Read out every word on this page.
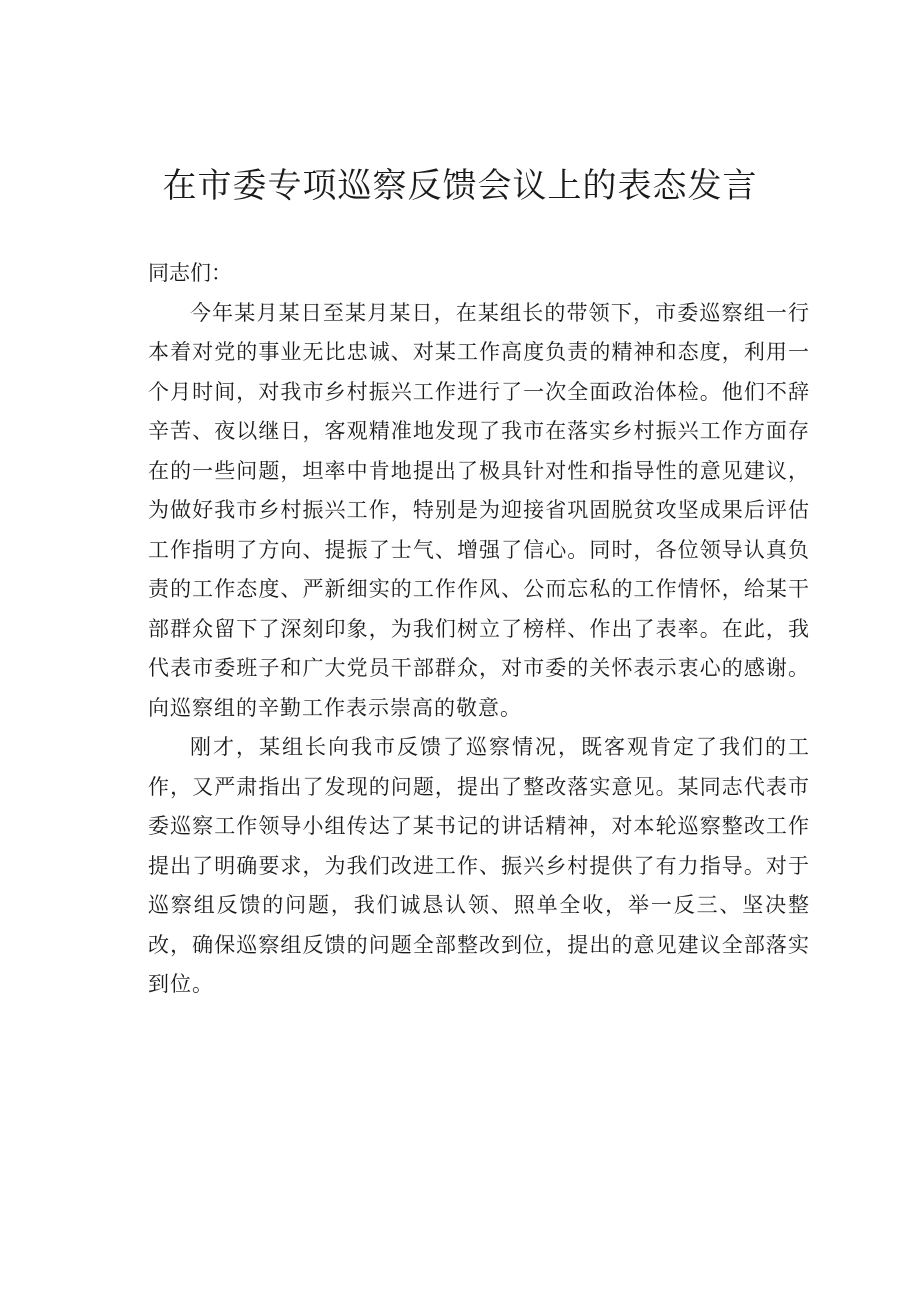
在市委专项巡察反馈会议上的表态发言

同志们：

今年某月某日至某月某日，在某组长的带领下，市委巡察组一行本着对党的事业无比忠诚、对某工作高度负责的精神和态度，利用一个月时间，对我市乡村振兴工作进行了一次全面政治体检。他们不辞辛苦、夜以继日，客观精准地发现了我市在落实乡村振兴工作方面存在的一些问题，坦率中肯地提出了极具针对性和指导性的意见建议，为做好我市乡村振兴工作，特别是为迎接省巩固脱贫攻坚成果后评估工作指明了方向、提振了士气、增强了信心。同时，各位领导认真负责的工作态度、严新细实的工作作风、公而忘私的工作情怀，给某干部群众留下了深刻印象，为我们树立了榜样、作出了表率。在此，我代表市委班子和广大党员干部群众，对市委的关怀表示衷心的感谢。向巡察组的辛勤工作表示崇高的敬意。

刚才，某组长向我市反馈了巡察情况，既客观肯定了我们的工作，又严肃指出了发现的问题，提出了整改落实意见。某同志代表市委巡察工作领导小组传达了某书记的讲话精神，对本轮巡察整改工作提出了明确要求，为我们改进工作、振兴乡村提供了有力指导。对于巡察组反馈的问题，我们诚恳认领、照单全收，举一反三、坚决整改，确保巡察组反馈的问题全部整改到位，提出的意见建议全部落实到位。
